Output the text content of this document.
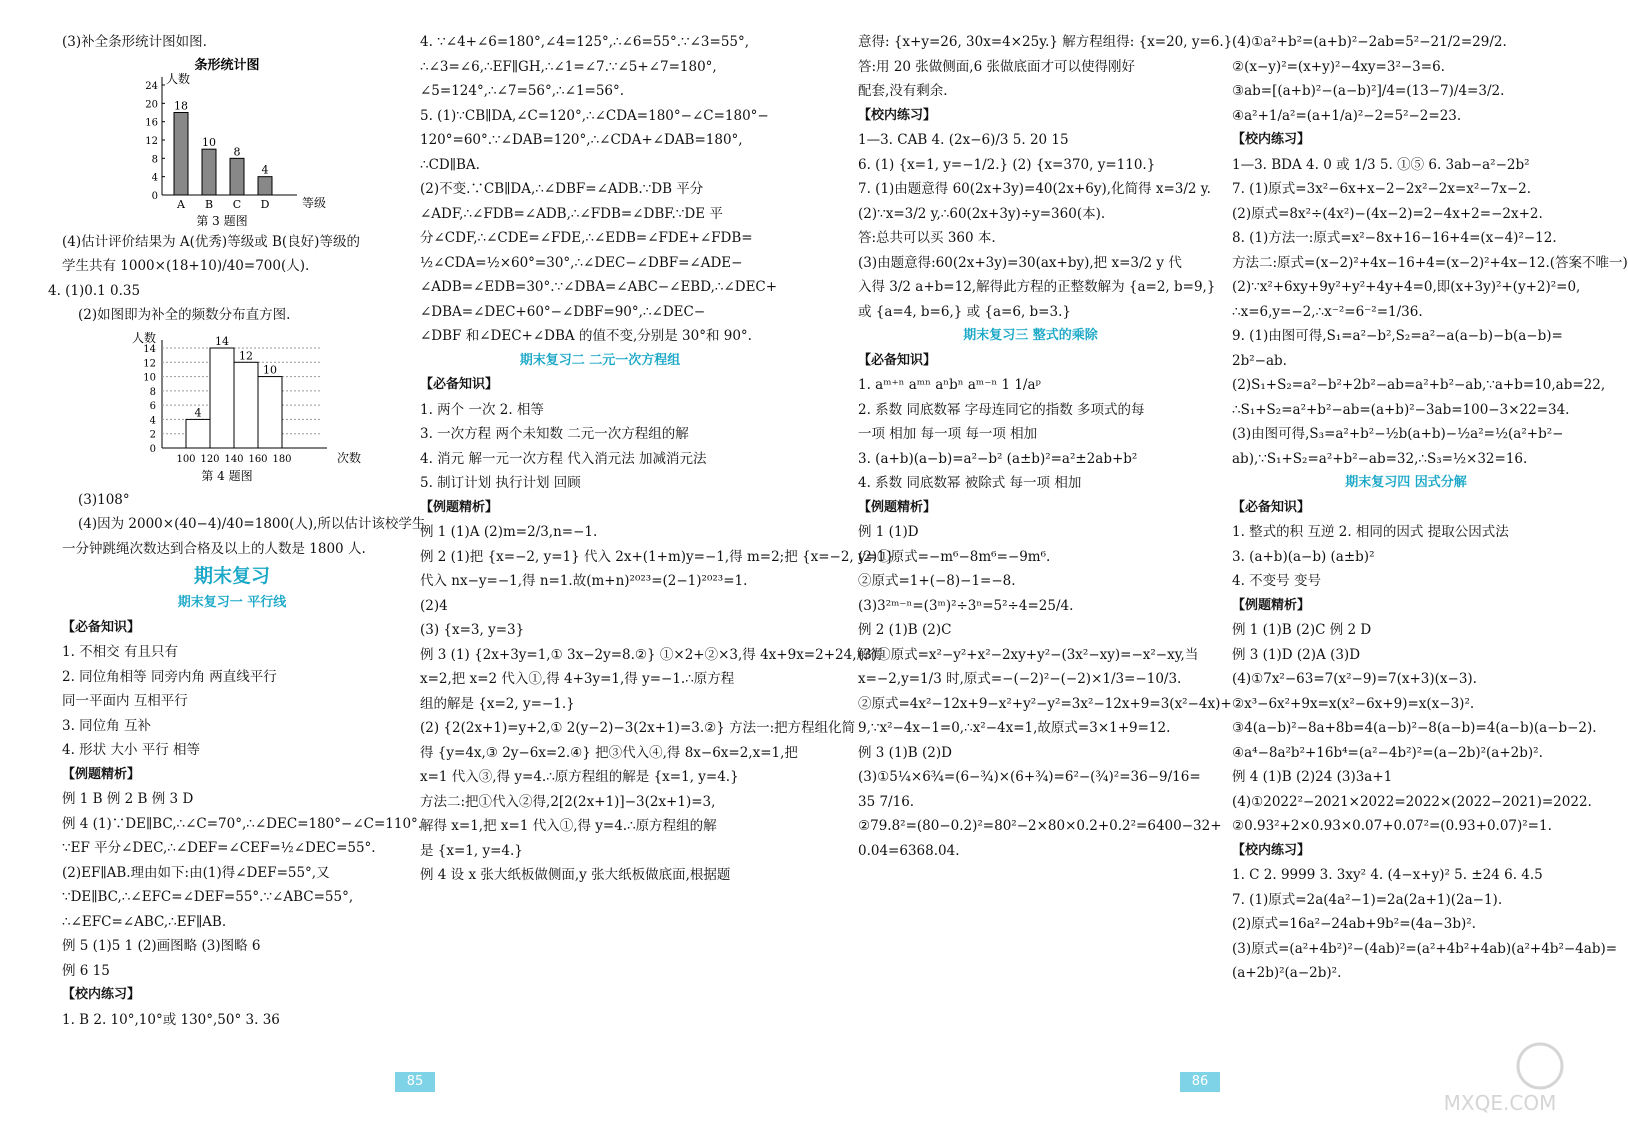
(3)补全条形统计图如图.
条形统计图
人数
等级
24
20
16
12
8
4
0
18
A
10
B
8
C
4
D
第 3 题图
(4)估计评价结果为 A(优秀)等级或 B(良好)等级的
学生共有 1000×(18+10)/40=700(人).
4. (1)0.1 0.35
(2)如图即为补全的频数分布直方图.
人数
次数
14
12
10
8
6
4
2
0
100 120 140 160 180
4
14
12
10
第 4 题图
(3)108°
(4)因为 2000×(40−4)/40=1800(人),所以估计该校学生
一分钟跳绳次数达到合格及以上的人数是 1800 人.
期末复习
期末复习一 平行线
【必备知识】
1. 不相交 有且只有
2. 同位角相等 同旁内角 两直线平行
同一平面内 互相平行
3. 同位角 互补
4. 形状 大小 平行 相等
【例题精析】
例 1 B 例 2 B 例 3 D
例 4 (1)∵DE∥BC,∴∠C=70°,∴∠DEC=180°−∠C=110°.
∵EF 平分∠DEC,∴∠DEF=∠CEF=½∠DEC=55°.
(2)EF∥AB.理由如下:由(1)得∠DEF=55°,又
∵DE∥BC,∴∠EFC=∠DEF=55°.∵∠ABC=55°,
∴∠EFC=∠ABC,∴EF∥AB.
例 5 (1)5 1 (2)画图略 (3)图略 6
例 6 15
【校内练习】
1. B 2. 10°,10°或 130°,50° 3. 36
4. ∵∠4+∠6=180°,∠4=125°,∴∠6=55°.∵∠3=55°,
∴∠3=∠6,∴EF∥GH,∴∠1=∠7.∵∠5+∠7=180°,
∠5=124°,∴∠7=56°,∴∠1=56°.
5. (1)∵CB∥DA,∠C=120°,∴∠CDA=180°−∠C=180°−
120°=60°.∵∠DAB=120°,∴∠CDA+∠DAB=180°,
∴CD∥BA.
(2)不变.∵CB∥DA,∴∠DBF=∠ADB.∵DB 平分
∠ADF,∴∠FDB=∠ADB,∴∠FDB=∠DBF.∵DE 平
分∠CDF,∴∠CDE=∠FDE,∴∠EDB=∠FDE+∠FDB=
½∠CDA=½×60°=30°,∴∠DEC−∠DBF=∠ADE−
∠ADB=∠EDB=30°.∵∠DBA=∠ABC−∠EBD,∴∠DEC+
∠DBA=∠DEC+60°−∠DBF=90°,∴∠DEC−
∠DBF 和∠DEC+∠DBA 的值不变,分别是 30°和 90°.
期末复习二 二元一次方程组
【必备知识】
1. 两个 一次 2. 相等
3. 一次方程 两个未知数 二元一次方程组的解
4. 消元 解一元一次方程 代入消元法 加减消元法
5. 制订计划 执行计划 回顾
【例题精析】
例 1 (1)A (2)m=2/3,n=−1.
例 2 (1)把 {x=−2, y=1} 代入 2x+(1+m)y=−1,得 m=2;把 {x=−2, y=1}
代入 nx−y=−1,得 n=1.故(m+n)²⁰²³=(2−1)²⁰²³=1.
(2)4
(3) {x=3, y=3}
例 3 (1) {2x+3y=1,① 3x−2y=8.②} ①×2+②×3,得 4x+9x=2+24,解得
x=2,把 x=2 代入①,得 4+3y=1,得 y=−1.∴原方程
组的解是 {x=2, y=−1.}
(2) {2(2x+1)=y+2,① 2(y−2)−3(2x+1)=3.②} 方法一:把方程组化简
得 {y=4x,③ 2y−6x=2.④} 把③代入④,得 8x−6x=2,x=1,把
x=1 代入③,得 y=4.∴原方程组的解是 {x=1, y=4.}
方法二:把①代入②得,2[2(2x+1)]−3(2x+1)=3,
解得 x=1,把 x=1 代入①,得 y=4.∴原方程组的解
是 {x=1, y=4.}
例 4 设 x 张大纸板做侧面,y 张大纸板做底面,根据题
意得: {x+y=26, 30x=4×25y.} 解方程组得: {x=20, y=6.}
答:用 20 张做侧面,6 张做底面才可以使得刚好
配套,没有剩余.
【校内练习】
1—3. CAB 4. (2x−6)/3 5. 20 15
6. (1) {x=1, y=−1/2.} (2) {x=370, y=110.}
7. (1)由题意得 60(2x+3y)=40(2x+6y),化简得 x=3/2 y.
(2)∵x=3/2 y,∴60(2x+3y)÷y=360(本).
答:总共可以买 360 本.
(3)由题意得:60(2x+3y)=30(ax+by),把 x=3/2 y 代
入得 3/2 a+b=12,解得此方程的正整数解为 {a=2, b=9,}
或 {a=4, b=6,} 或 {a=6, b=3.}
期末复习三 整式的乘除
【必备知识】
1. aᵐ⁺ⁿ aᵐⁿ aⁿbⁿ aᵐ⁻ⁿ 1 1/aᵖ
2. 系数 同底数幂 字母连同它的指数 多项式的每
一项 相加 每一项 每一项 相加
3. (a+b)(a−b)=a²−b² (a±b)²=a²±2ab+b²
4. 系数 同底数幂 被除式 每一项 相加
【例题精析】
例 1 (1)D
(2)①原式=−m⁶−8m⁶=−9m⁶.
②原式=1+(−8)−1=−8.
(3)3²ᵐ⁻ⁿ=(3ᵐ)²÷3ⁿ=5²÷4=25/4.
例 2 (1)B (2)C
(3)①原式=x²−y²+x²−2xy+y²−(3x²−xy)=−x²−xy,当
x=−2,y=1/3 时,原式=−(−2)²−(−2)×1/3=−10/3.
②原式=4x²−12x+9−x²+y²−y²=3x²−12x+9=3(x²−4x)+
9,∵x²−4x−1=0,∴x²−4x=1,故原式=3×1+9=12.
例 3 (1)B (2)D
(3)①5¼×6¾=(6−¾)×(6+¾)=6²−(¾)²=36−9/16=
35 7/16.
②79.8²=(80−0.2)²=80²−2×80×0.2+0.2²=6400−32+
0.04=6368.04.
(4)①a²+b²=(a+b)²−2ab=5²−21/2=29/2.
②(x−y)²=(x+y)²−4xy=3²−3=6.
③ab=[(a+b)²−(a−b)²]/4=(13−7)/4=3/2.
④a²+1/a²=(a+1/a)²−2=5²−2=23.
【校内练习】
1—3. BDA 4. 0 或 1/3 5. ①⑤ 6. 3ab−a²−2b²
7. (1)原式=3x²−6x+x−2−2x²−2x=x²−7x−2.
(2)原式=8x²÷(4x²)−(4x−2)=2−4x+2=−2x+2.
8. (1)方法一:原式=x²−8x+16−16+4=(x−4)²−12.
方法二:原式=(x−2)²+4x−16+4=(x−2)²+4x−12.(答案不唯一)
(2)∵x²+6xy+9y²+y²+4y+4=0,即(x+3y)²+(y+2)²=0,
∴x=6,y=−2,∴x⁻²=6⁻²=1/36.
9. (1)由图可得,S₁=a²−b²,S₂=a²−a(a−b)−b(a−b)=
2b²−ab.
(2)S₁+S₂=a²−b²+2b²−ab=a²+b²−ab,∵a+b=10,ab=22,
∴S₁+S₂=a²+b²−ab=(a+b)²−3ab=100−3×22=34.
(3)由图可得,S₃=a²+b²−½b(a+b)−½a²=½(a²+b²−
ab),∵S₁+S₂=a²+b²−ab=32,∴S₃=½×32=16.
期末复习四 因式分解
【必备知识】
1. 整式的积 互逆 2. 相同的因式 提取公因式法
3. (a+b)(a−b) (a±b)²
4. 不变号 变号
【例题精析】
例 1 (1)B (2)C 例 2 D
例 3 (1)D (2)A (3)D
(4)①7x²−63=7(x²−9)=7(x+3)(x−3).
②x³−6x²+9x=x(x²−6x+9)=x(x−3)².
③4(a−b)²−8a+8b=4(a−b)²−8(a−b)=4(a−b)(a−b−2).
④a⁴−8a²b²+16b⁴=(a²−4b²)²=(a−2b)²(a+2b)².
例 4 (1)B (2)24 (3)3a+1
(4)①2022²−2021×2022=2022×(2022−2021)=2022.
②0.93²+2×0.93×0.07+0.07²=(0.93+0.07)²=1.
【校内练习】
1. C 2. 9999 3. 3xy² 4. (4−x+y)² 5. ±24 6. 4.5
7. (1)原式=2a(4a²−1)=2a(2a+1)(2a−1).
(2)原式=16a²−24ab+9b²=(4a−3b)².
(3)原式=(a²+4b²)²−(4ab)²=(a²+4b²+4ab)(a²+4b²−4ab)=
(a+2b)²(a−2b)².
85	86
MXQE.COM
